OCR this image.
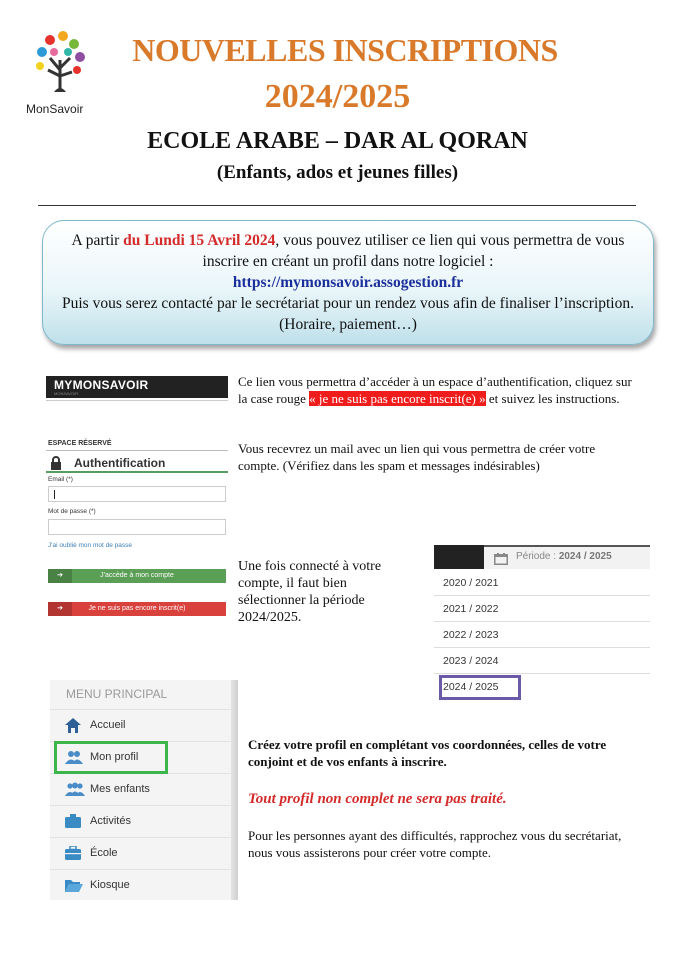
MonSavoir
NOUVELLES INSCRIPTIONS
2024/2025
ECOLE ARABE – DAR AL QORAN
(Enfants, ados et jeunes filles)
A partir du Lundi 15 Avril 2024, vous pouvez utiliser ce lien qui vous permettra de vous inscrire en créant un profil dans notre logiciel :
https://mymonsavoir.assogestion.fr
Puis vous serez contacté par le secrétariat pour un rendez vous afin de finaliser l’inscription. (Horaire, paiement…)
MYMONSAVOIR
MONSAVOIR
ESPACE RÉSERVÉ
Authentification
Email (*)
Mot de passe (*)
J'ai oublié mon mot de passe
➔	J'accède à mon compte
➔	Je ne suis pas encore inscrit(e)
Ce lien vous permettra d’accéder à un espace d’authentification, cliquez sur la case rouge « je ne suis pas encore inscrit(e) » et suivez les instructions.
Vous recevrez un mail avec un lien qui vous permettra de créer votre compte. (Vérifiez dans les spam et messages indésirables)
Une fois connecté à votre compte, il faut bien sélectionner la période 2024/2025.
Période : 2024 / 2025
2020 / 2021
2021 / 2022
2022 / 2023
2023 / 2024
2024 / 2025
MENU PRINCIPAL
Accueil
Mon profil
Mes enfants
Activités
École
Kiosque
Créez votre profil en complétant vos coordonnées, celles de votre conjoint et de vos enfants à inscrire.
Tout profil non complet ne sera pas traité.
Pour les personnes ayant des difficultés, rapprochez vous du secrétariat, nous vous assisterons pour créer votre compte.
